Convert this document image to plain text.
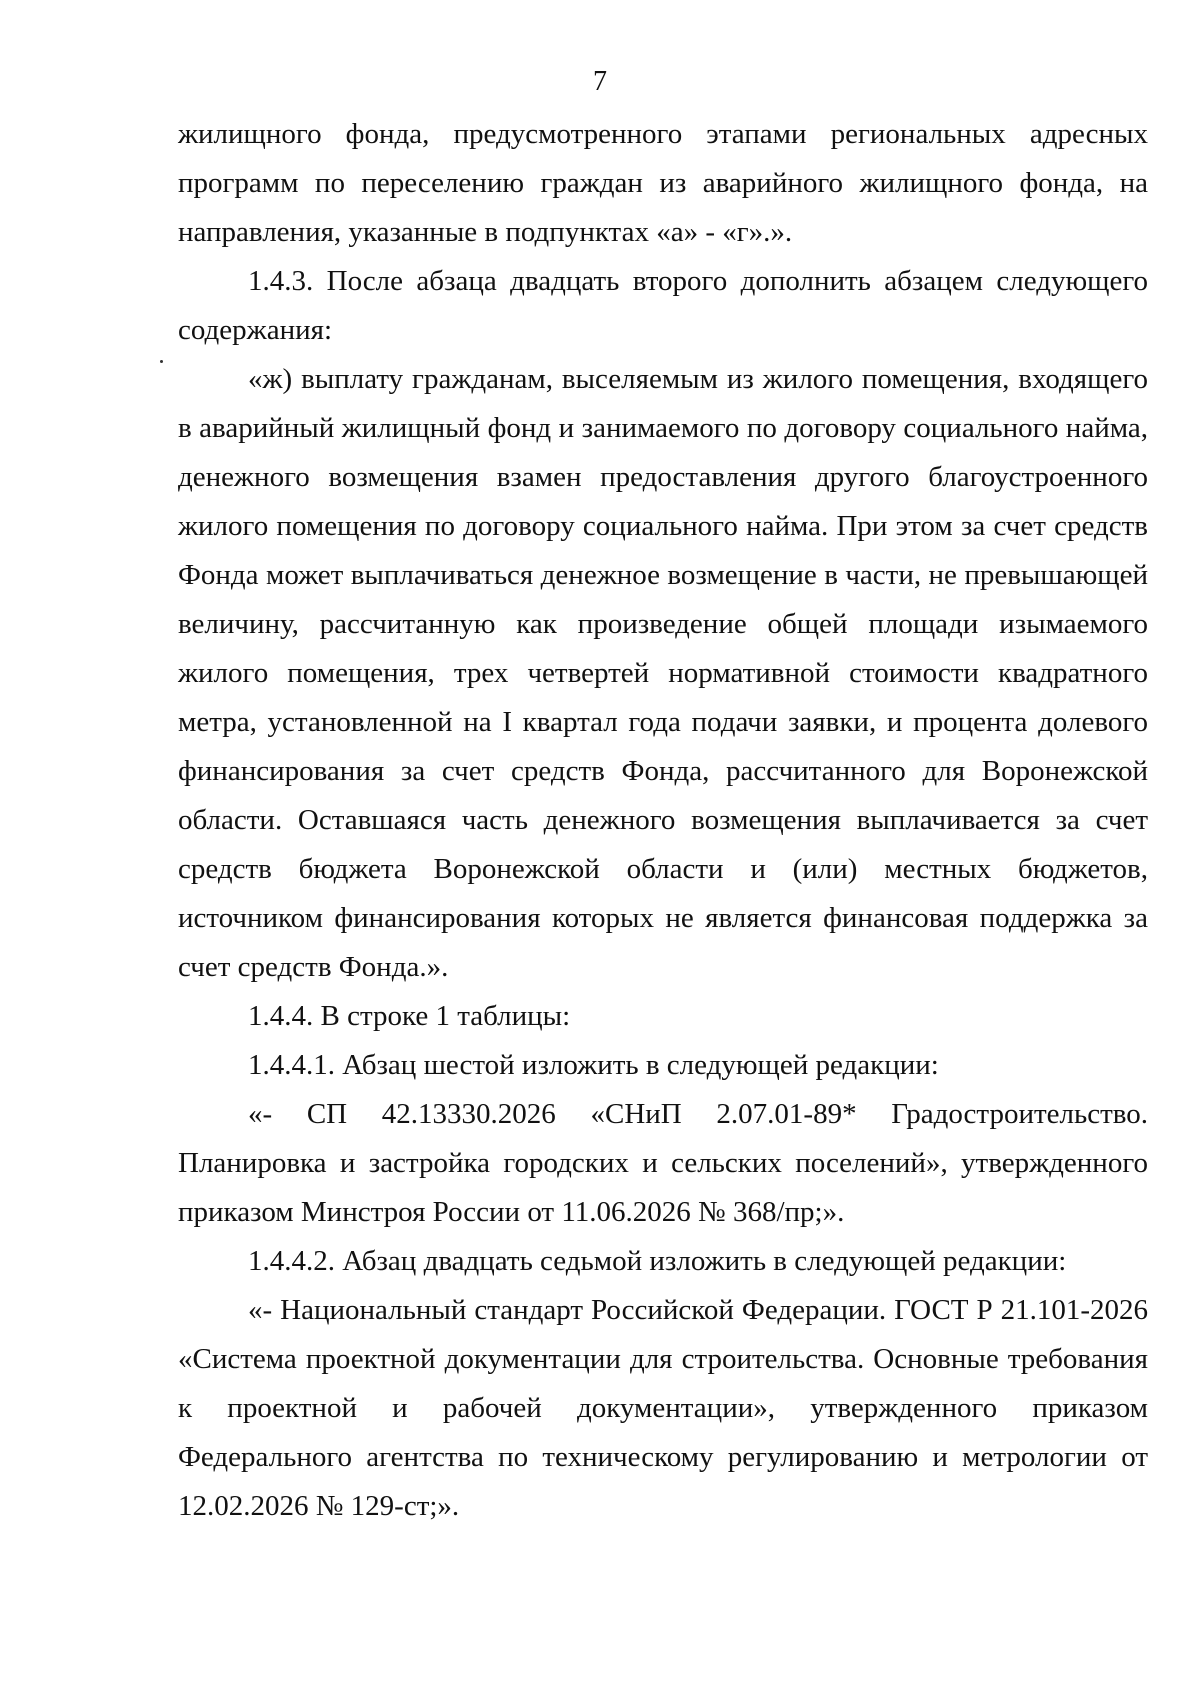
7

жилищного фонда, предусмотренного этапами региональных адресных программ по переселению граждан из аварийного жилищного фонда, на направления, указанные в подпунктах «а» - «г».».

1.4.3. После абзаца двадцать второго дополнить абзацем следующего содержания:

«ж) выплату гражданам, выселяемым из жилого помещения, входящего в аварийный жилищный фонд и занимаемого по договору социального найма, денежного возмещения взамен предоставления другого благоустроенного жилого помещения по договору социального найма. При этом за счет средств Фонда может выплачиваться денежное возмещение в части, не превышающей величину, рассчитанную как произведение общей площади изымаемого жилого помещения, трех четвертей нормативной стоимости квадратного метра, установленной на I квартал года подачи заявки, и процента долевого финансирования за счет средств Фонда, рассчитанного для Воронежской области. Оставшаяся часть денежного возмещения выплачивается за счет средств бюджета Воронежской области и (или) местных бюджетов, источником финансирования которых не является финансовая поддержка за счет средств Фонда.».

1.4.4. В строке 1 таблицы:

1.4.4.1. Абзац шестой изложить в следующей редакции:

«- СП 42.13330.2026 «СНиП 2.07.01-89* Градостроительство. Планировка и застройка городских и сельских поселений», утвержденного приказом Минстроя России от 11.06.2026 № 368/пр;».

1.4.4.2. Абзац двадцать седьмой изложить в следующей редакции:

«- Национальный стандарт Российской Федерации. ГОСТ Р 21.101-2026 «Система проектной документации для строительства. Основные требования к проектной и рабочей документации», утвержденного приказом Федерального агентства по техническому регулированию и метрологии от 12.02.2026 № 129-ст;».
